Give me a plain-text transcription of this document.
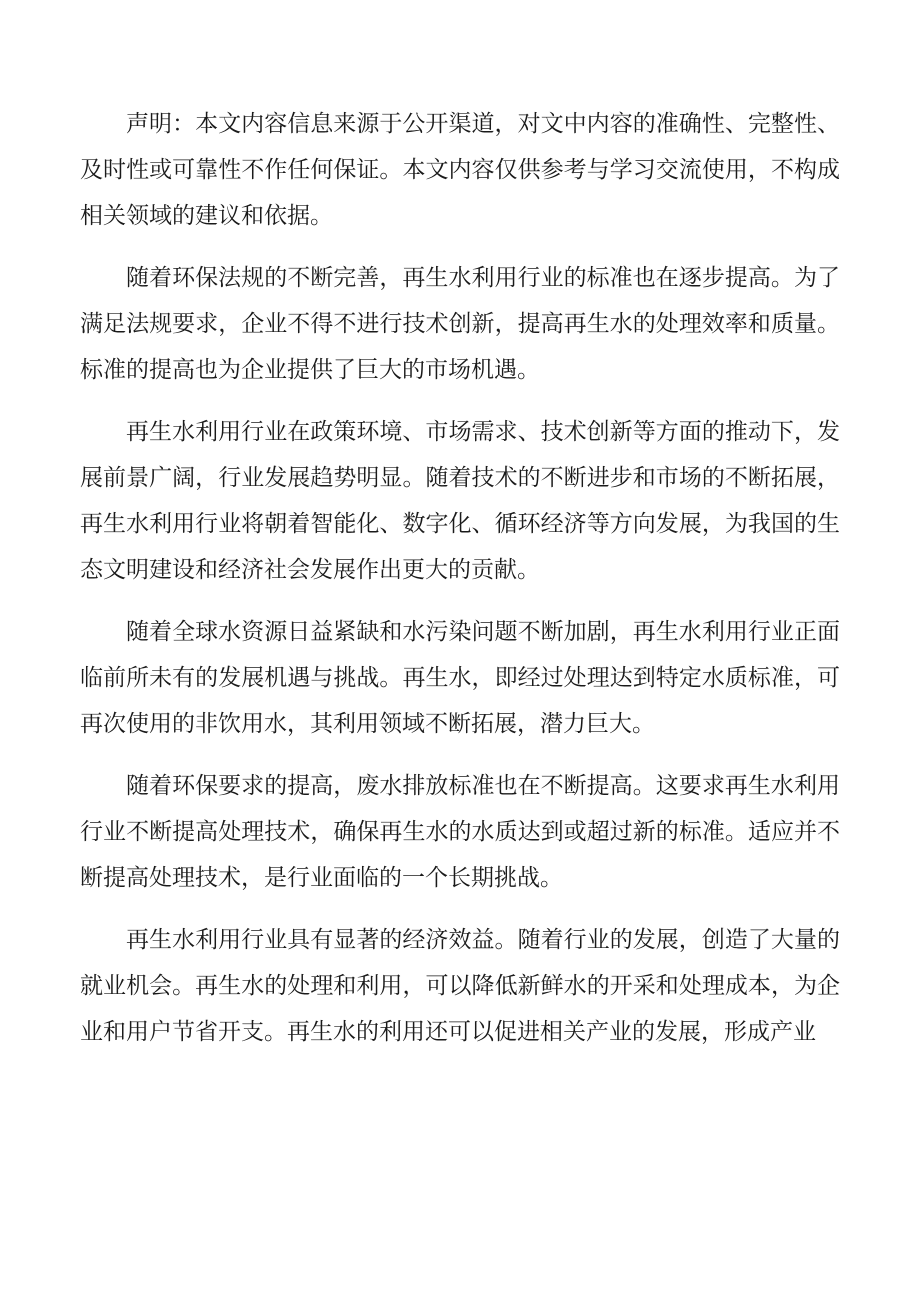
声明：本文内容信息来源于公开渠道，对文中内容的准确性、完整性、及时性或可靠性不作任何保证。本文内容仅供参考与学习交流使用，不构成相关领域的建议和依据。

随着环保法规的不断完善，再生水利用行业的标准也在逐步提高。为了满足法规要求，企业不得不进行技术创新，提高再生水的处理效率和质量。标准的提高也为企业提供了巨大的市场机遇。

再生水利用行业在政策环境、市场需求、技术创新等方面的推动下，发展前景广阔，行业发展趋势明显。随着技术的不断进步和市场的不断拓展，再生水利用行业将朝着智能化、数字化、循环经济等方向发展，为我国的生态文明建设和经济社会发展作出更大的贡献。

随着全球水资源日益紧缺和水污染问题不断加剧，再生水利用行业正面临前所未有的发展机遇与挑战。再生水，即经过处理达到特定水质标准，可再次使用的非饮用水，其利用领域不断拓展，潜力巨大。

随着环保要求的提高，废水排放标准也在不断提高。这要求再生水利用行业不断提高处理技术，确保再生水的水质达到或超过新的标准。适应并不断提高处理技术，是行业面临的一个长期挑战。

再生水利用行业具有显著的经济效益。随着行业的发展，创造了大量的就业机会。再生水的处理和利用，可以降低新鲜水的开采和处理成本，为企业和用户节省开支。再生水的利用还可以促进相关产业的发展，形成产业
